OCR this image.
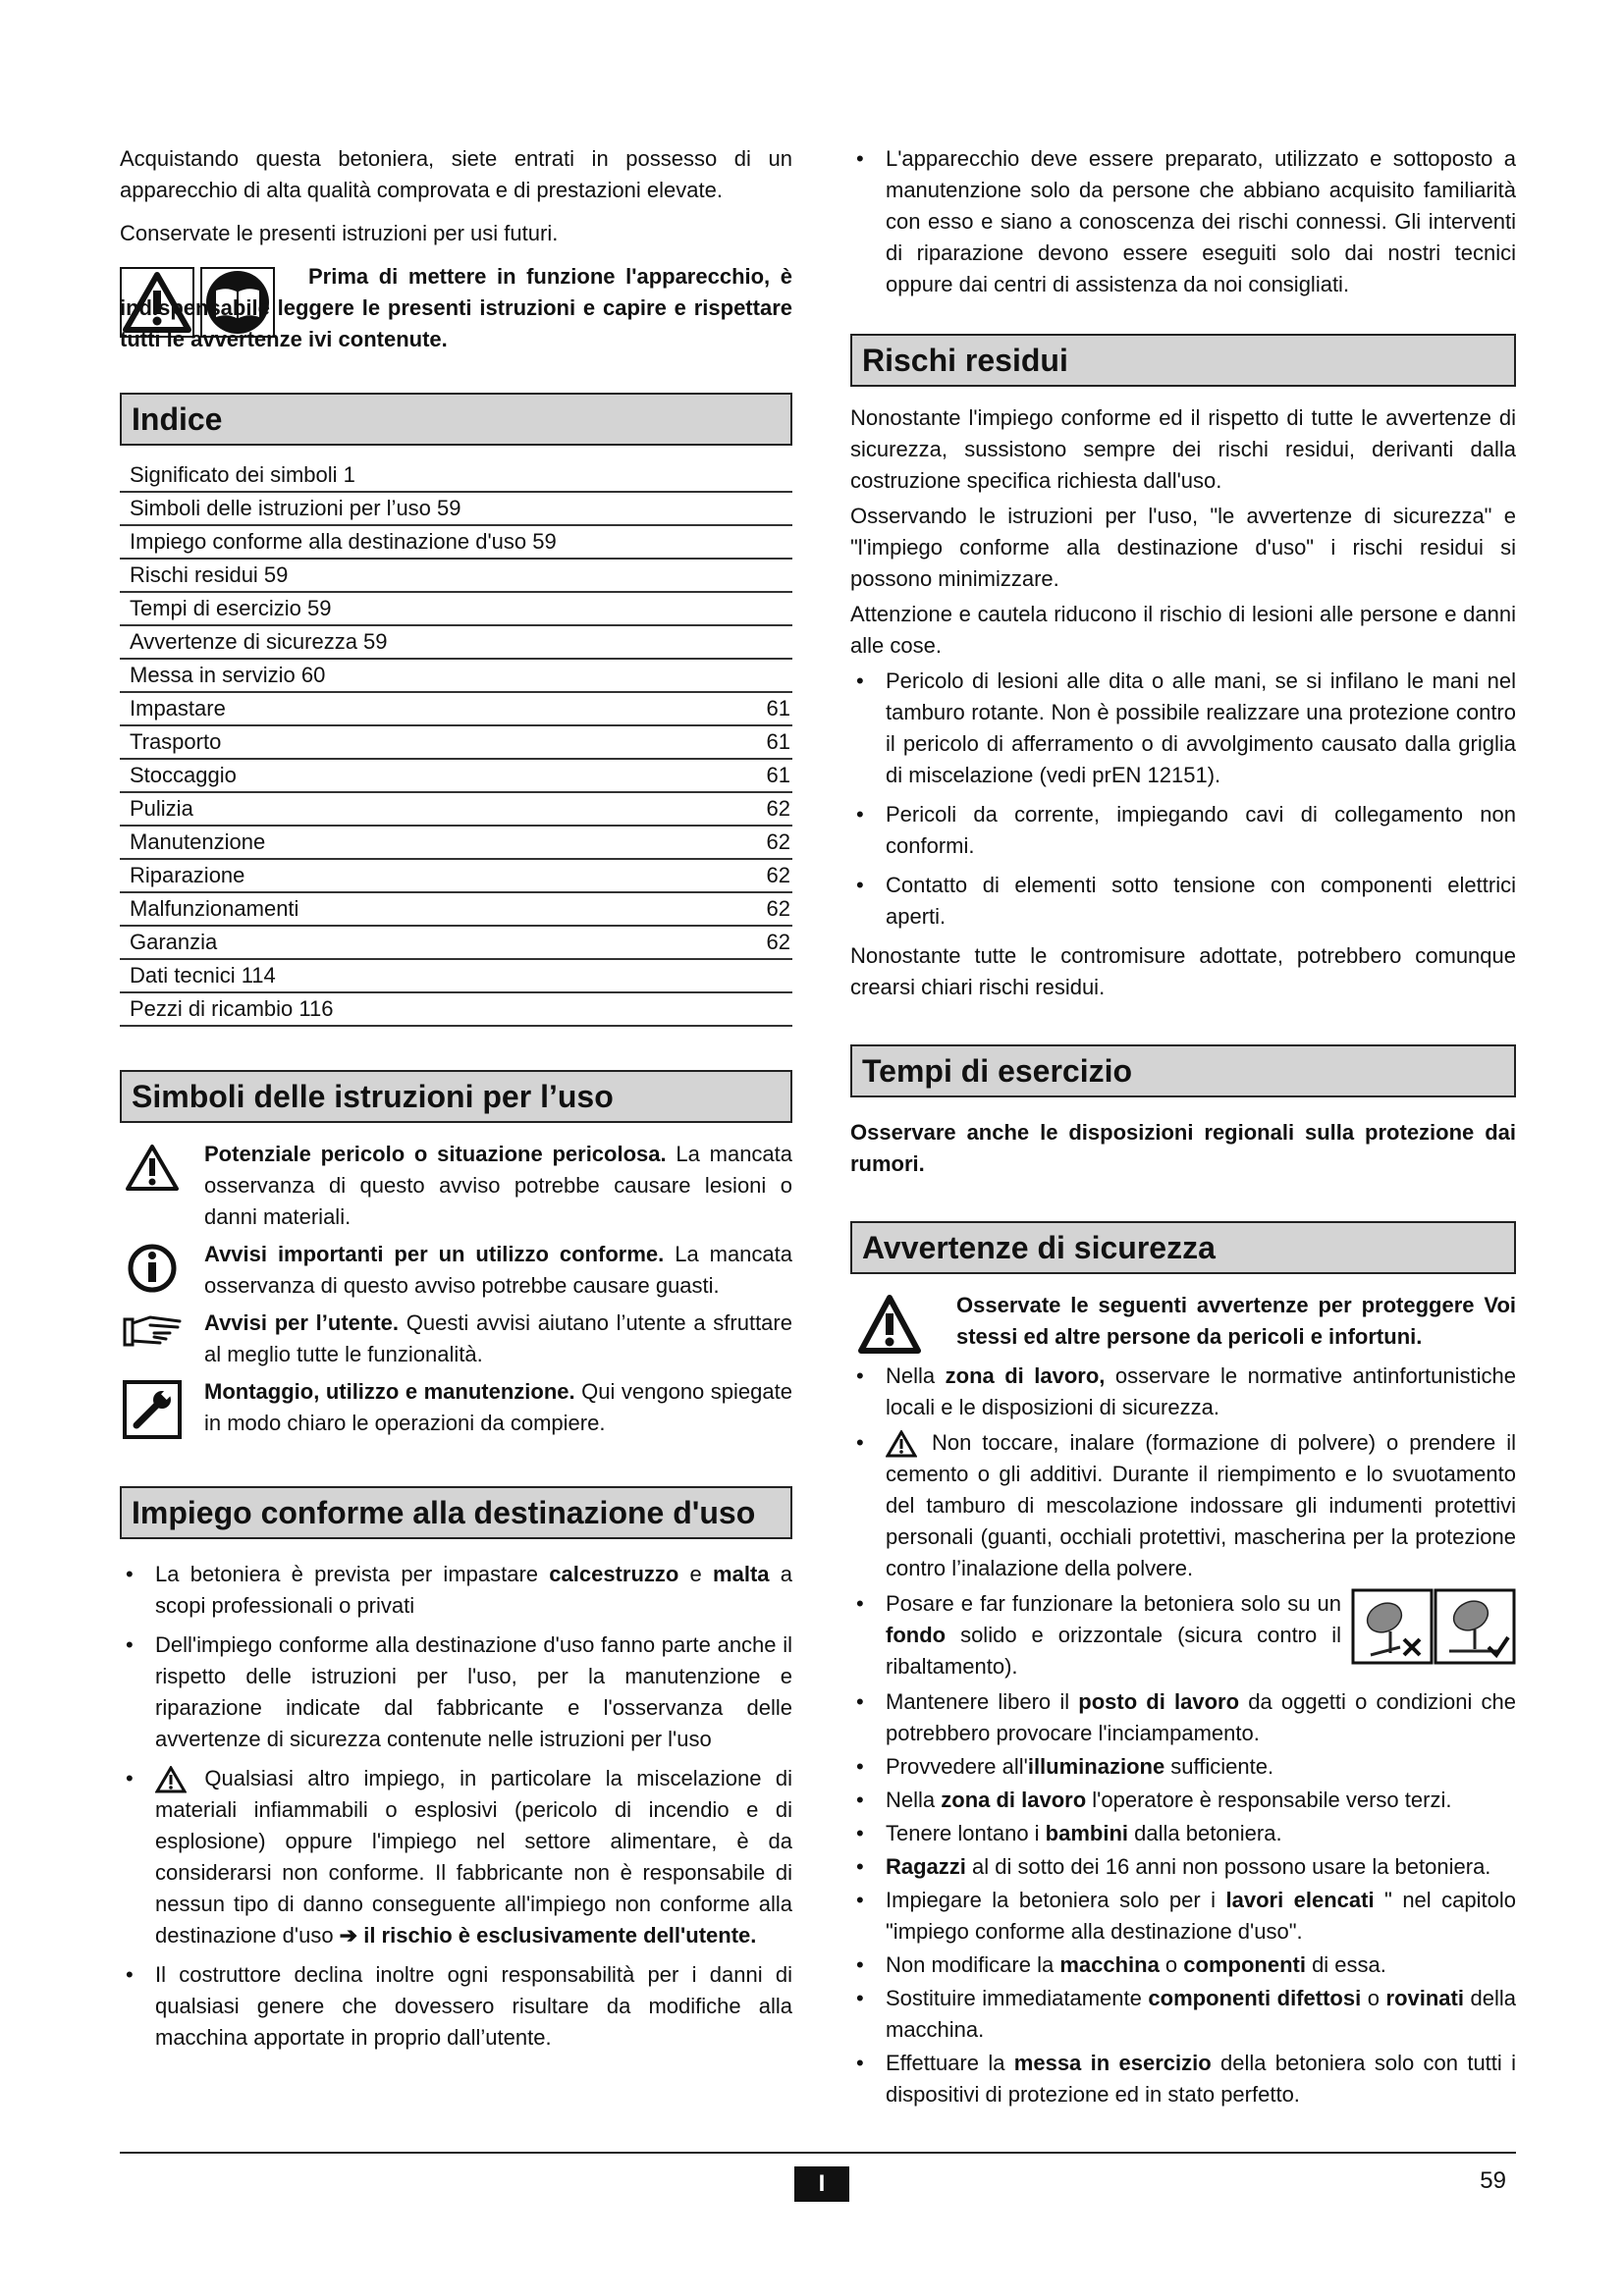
Acquistando questa betoniera, siete entrati in possesso di un apparecchio di alta qualità comprovata e di prestazioni elevate.

Conservate le presenti istruzioni per usi futuri.

Prima di mettere in funzione l'apparecchio, è indispensabile leggere le presenti istruzioni e capire e rispettare tutti le avvertenze ivi contenute.

Indice
Significato dei simboli 1
Simboli delle istruzioni per l’uso 59
Impiego conforme alla destinazione d'uso 59
Rischi residui 59
Tempi di esercizio 59
Avvertenze di sicurezza 59
Messa in servizio 60
Impastare	61
Trasporto	61
Stoccaggio	61
Pulizia	62
Manutenzione	62
Riparazione	62
Malfunzionamenti	62
Garanzia	62
Dati tecnici 114
Pezzi di ricambio 116
Simboli delle istruzioni per l’uso

Potenziale pericolo o situazione pericolosa. La mancata osservanza di questo avviso potrebbe causare lesioni o danni materiali.

Avvisi importanti per un utilizzo conforme. La mancata osservanza di questo avviso potrebbe causare guasti.

Avvisi per l’utente. Questi avvisi aiutano l’utente a sfruttare al meglio tutte le funzionalità.

Montaggio, utilizzo e manutenzione. Qui vengono spiegate in modo chiaro le operazioni da compiere.

Impiego conforme alla destinazione d'uso
• La betoniera è prevista per impastare calcestruzzo e malta a scopi professionali o privati
• Dell'impiego conforme alla destinazione d'uso fanno parte anche il rispetto delle istruzioni per l'uso, per la manutenzione e riparazione indicate dal fabbricante e l'osservanza delle avvertenze di sicurezza contenute nelle istruzioni per l'uso
• Qualsiasi altro impiego, in particolare la miscelazione di materiali infiammabili o esplosivi (pericolo di incendio e di esplosione) oppure l'impiego nel settore alimentare, è da considerarsi non conforme. Il fabbricante non è responsabile di nessun tipo di danno conseguente all'impiego non conforme alla destinazione d'uso ➔ il rischio è esclusivamente dell'utente.
• Il costruttore declina inoltre ogni responsabilità per i danni di qualsiasi genere che dovessero risultare da modifiche alla macchina apportate in proprio dall’utente.
• L'apparecchio deve essere preparato, utilizzato e sottoposto a manutenzione solo da persone che abbiano acquisito familiarità con esso e siano a conoscenza dei rischi connessi. Gli interventi di riparazione devono essere eseguiti solo dai nostri tecnici oppure dai centri di assistenza da noi consigliati.
Rischi residui

Nonostante l'impiego conforme ed il rispetto di tutte le avvertenze di sicurezza, sussistono sempre dei rischi residui, derivanti dalla costruzione specifica richiesta dall'uso.

Osservando le istruzioni per l'uso, "le avvertenze di sicurezza" e "l'impiego conforme alla destinazione d'uso" i rischi residui si possono minimizzare.

Attenzione e cautela riducono il rischio di lesioni alle persone e danni alle cose.

• Pericolo di lesioni alle dita o alle mani, se si infilano le mani nel tamburo rotante. Non è possibile realizzare una protezione contro il pericolo di afferramento o di avvolgimento causato dalla griglia di miscelazione (vedi prEN 12151).
• Pericoli da corrente, impiegando cavi di collegamento non conformi.
• Contatto di elementi sotto tensione con componenti elettrici aperti.

Nonostante tutte le contromisure adottate, potrebbero comunque crearsi chiari rischi residui.

Tempi di esercizio

Osservare anche le disposizioni regionali sulla protezione dai rumori.

Avvertenze di sicurezza

Osservate le seguenti avvertenze per proteggere Voi stessi ed altre persone da pericoli e infortuni.

• Nella zona di lavoro, osservare le normative antinfortunistiche locali e le disposizioni di sicurezza.
• Non toccare, inalare (formazione di polvere) o prendere il cemento o gli additivi. Durante il riempimento e lo svuotamento del tamburo di mescolazione indossare gli indumenti protettivi personali (guanti, occhiali protettivi, mascherina per la protezione contro l’inalazione della polvere.
• Posare e far funzionare la betoniera solo su un fondo solido e orizzontale (sicura contro il ribaltamento).
• Mantenere libero il posto di lavoro da oggetti o condizioni che potrebbero provocare l'inciampamento.
• Provvedere all'illuminazione sufficiente.
• Nella zona di lavoro l'operatore è responsabile verso terzi.
• Tenere lontano i bambini dalla betoniera.
• Ragazzi al di sotto dei 16 anni non possono usare la betoniera.
• Impiegare la betoniera solo per i lavori elencati " nel capitolo "impiego conforme alla destinazione d'uso".
• Non modificare la macchina o componenti di essa.
• Sostituire immediatamente componenti difettosi o rovinati della macchina.
• Effettuare la messa in esercizio della betoniera solo con tutti i dispositivi di protezione ed in stato perfetto.
I	59
